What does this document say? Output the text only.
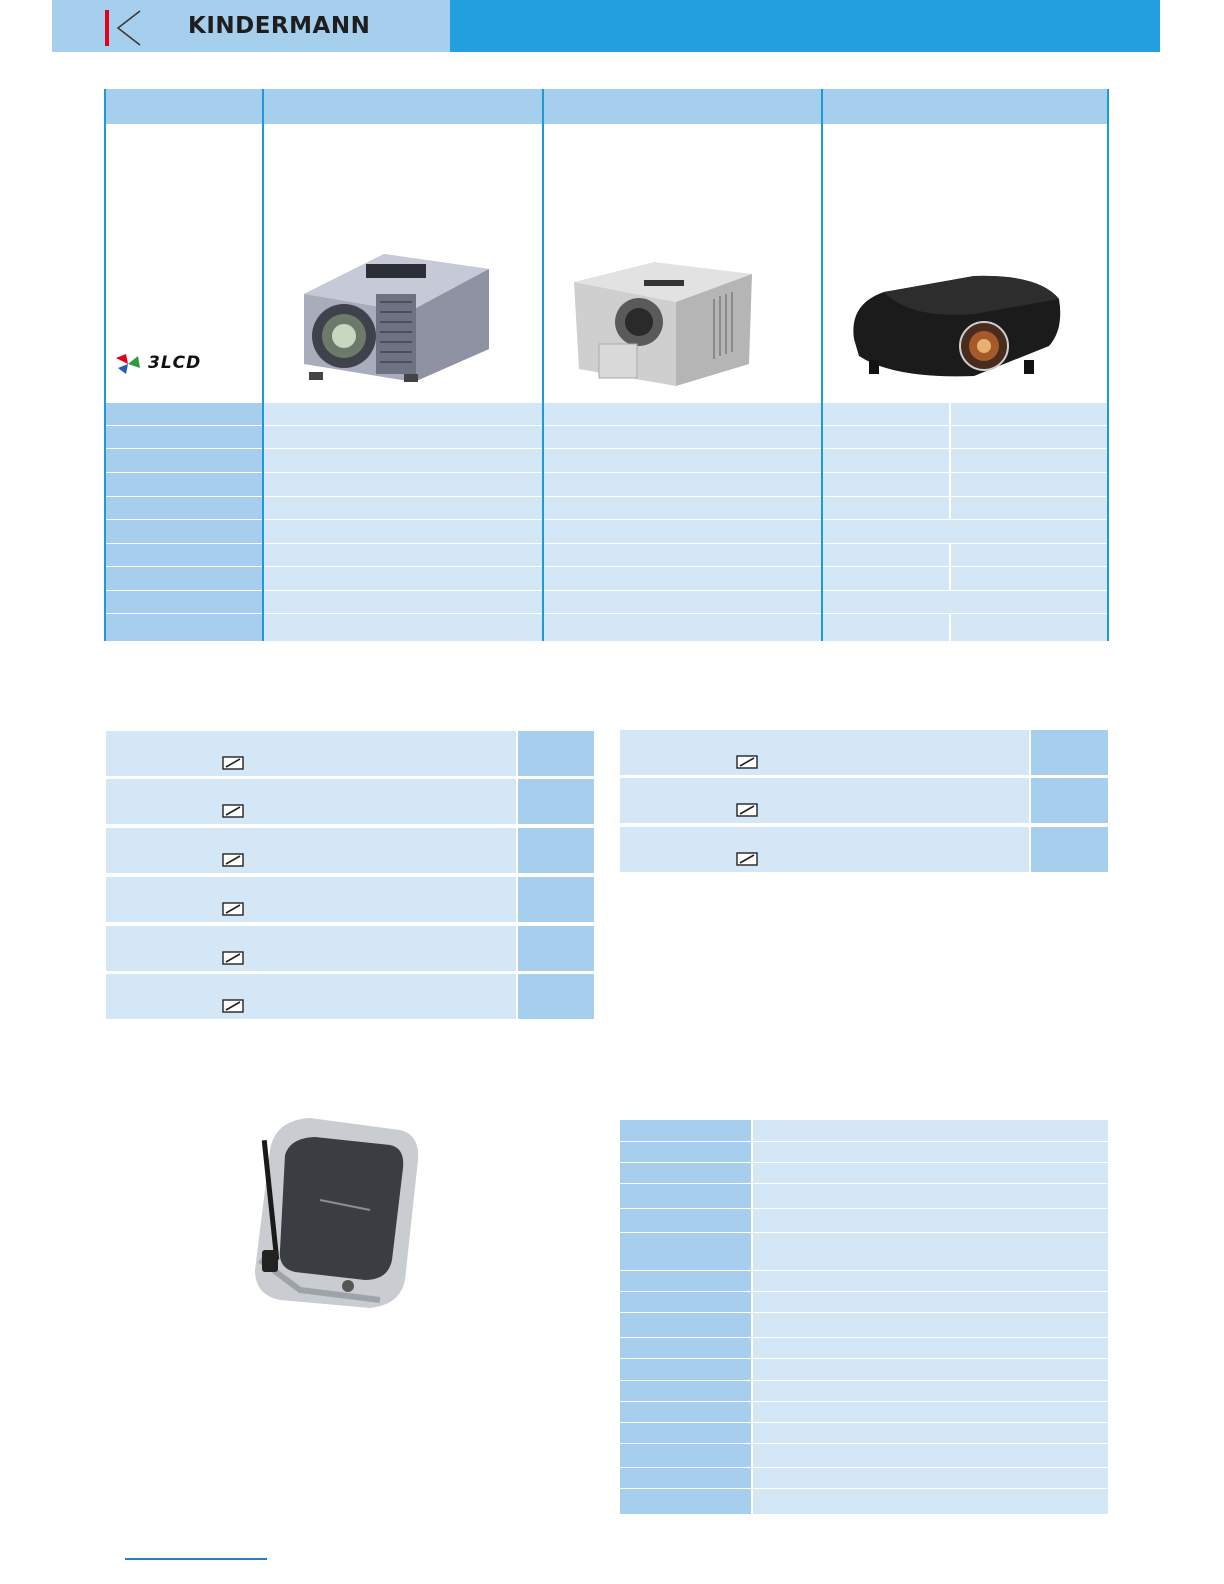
KINDERMANN
3LCD
